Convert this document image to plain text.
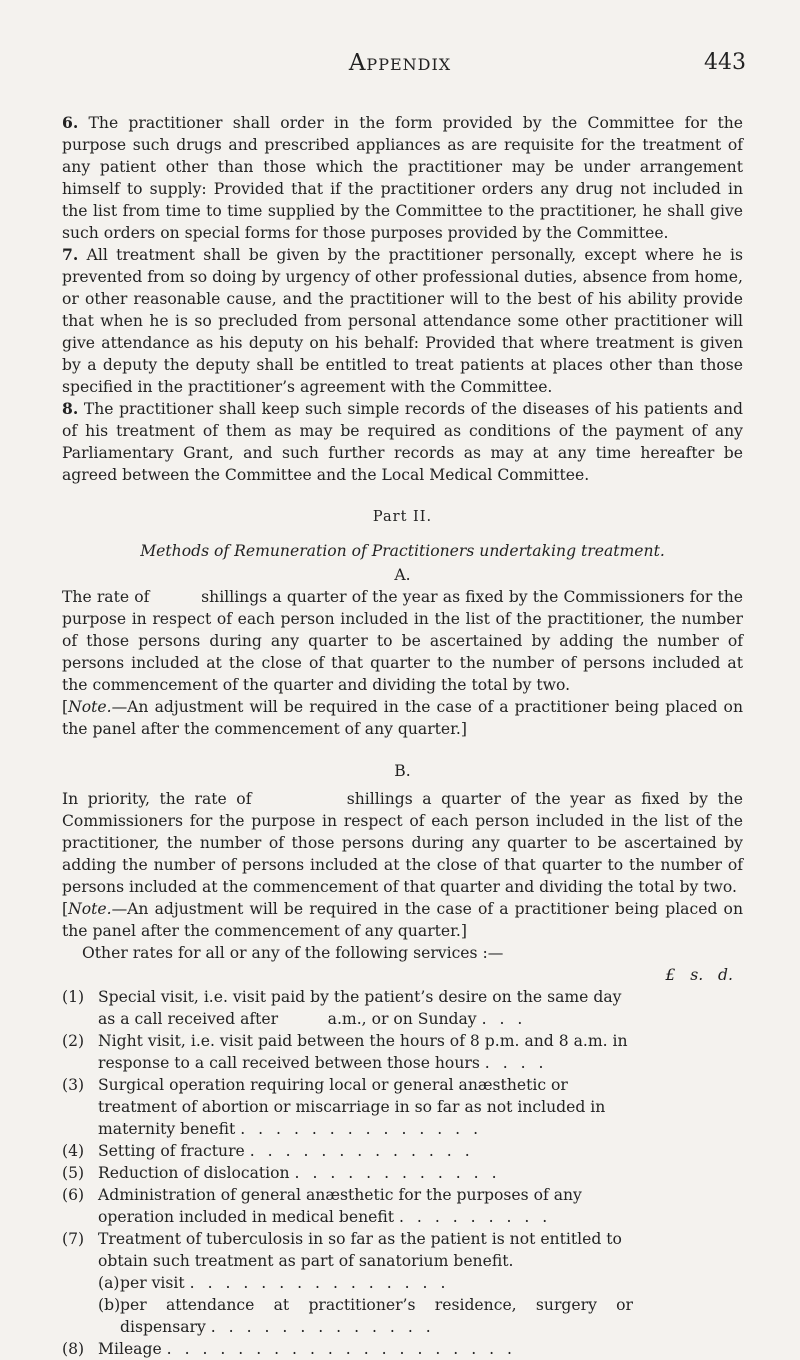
Appendix	443

6. The practitioner shall order in the form provided by the Committee for the purpose such drugs and prescribed appliances as are requisite for the treatment of any patient other than those which the practitioner may be under arrangement himself to supply: Provided that if the practitioner orders any drug not included in the list from time to time supplied by the Committee to the practitioner, he shall give such orders on special forms for those purposes provided by the Committee.

7. All treatment shall be given by the practitioner personally, except where he is prevented from so doing by urgency of other professional duties, absence from home, or other reasonable cause, and the practitioner will to the best of his ability provide that when he is so precluded from personal attendance some other practitioner will give attendance as his deputy on his behalf: Provided that where treatment is given by a deputy the deputy shall be entitled to treat patients at places other than those specified in the practitioner’s agreement with the Committee.

8. The practitioner shall keep such simple records of the diseases of his patients and of his treatment of them as may be required as conditions of the payment of any Parliamentary Grant, and such further records as may at any time hereafter be agreed between the Committee and the Local Medical Committee.

Part II.

Methods of Remuneration of Practitioners undertaking treatment.

A.

The rate of          shillings a quarter of the year as fixed by the Commissioners for the purpose in respect of each person included in the list of the practitioner, the number of those persons during any quarter to be ascertained by adding the number of persons included at the close of that quarter to the number of persons included at the commencement of the quarter and dividing the total by two.

[Note.—An adjustment will be required in the case of a practitioner being placed on the panel after the commencement of any quarter.]

B.

In priority, the rate of          shillings a quarter of the year as fixed by the Commissioners for the purpose in respect of each person included in the list of the practitioner, the number of those persons during any quarter to be ascertained by adding the number of persons included at the close of that quarter to the number of persons included at the commencement of that quarter and dividing the total by two.

[Note.—An adjustment will be required in the case of a practitioner being placed on the panel after the commencement of any quarter.]

Other rates for all or any of the following services :—

£   s.   d.

(1) Special visit, i.e. visit paid by the patient’s desire on the same day as a call received after          a.m., or on Sunday . . .
(2) Night visit, i.e. visit paid between the hours of 8 p.m. and 8 a.m. in response to a call received between those hours . . . .
(3) Surgical operation requiring local or general anæsthetic or treatment of abortion or miscarriage in so far as not included in maternity benefit . . . . . . . . . . . . . .
(4) Setting of fracture . . . . . . . . . . . . .
(5) Reduction of dislocation . . . . . . . . . . . .
(6) Administration of general anæsthetic for the purposes of any operation included in medical benefit . . . . . . . . .
(7) Treatment of tuberculosis in so far as the patient is not entitled to obtain such treatment as part of sanatorium benefit.
(a) per visit . . . . . . . . . . . . . . .
(b) per attendance at practitioner’s residence, surgery or dispensary . . . . . . . . . . . . .
(8) Mileage . . . . . . . . . . . . . . . . . . . .
